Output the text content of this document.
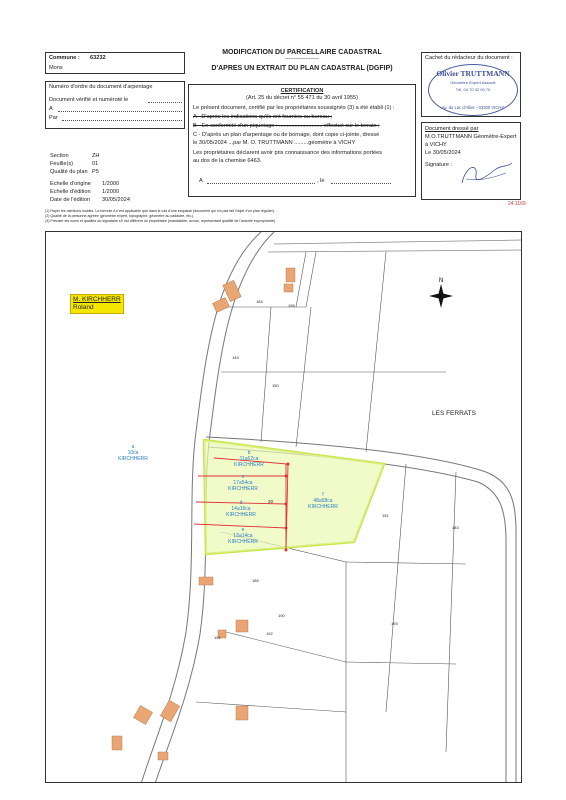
Commune : 63232
Mons
Numéro d'ordre du document d'arpentage
Document vérifié et numéroté le
A
Par
MODIFICATION DU PARCELLAIRE CADASTRAL
--------------------
D'APRES UN EXTRAIT DU PLAN CADASTRAL (DGFIP)
CERTIFICATION
(Art. 25 du décret n° 55 471 du 30 avril 1955)
Le présent document, certifié par les propriétaires soussignés (3) a été établi (1) :
A - D'après les indications qu'ils ont fournies au bureau ;
B - En conformité d'un piquetage : ............................ effectué sur le terrain ;
C - D'après un plan d'arpentage ou de bornage, dont copie ci-jointe, dressé
le 30/05/2024 ...par M. O. TRUTTMANN .........géomètre à VICHY
Les propriétaires déclarent avoir pris connaissance des informations portées
au dos de la chemise 6463.
A	, le
Cachet du rédacteur du document :
Olivier TRUTTMANN
Géomètre-Expert Associé
Tél. 04 70 32 09 70
Av. du Lac d'Allier - 03200 VICHY
Document dressé par
M.O.TRUTTMANN Géomètre-Expert
à VICHY
Le 30/05/2024
Signature :
24.1169
Section	ZH
Feuille(s)	01
Qualité du plan P5
Echelle d'origine 1/2000
Echelle d'édition 1/2000
Date de l'édition 30/05/2024
(1) Rayer les mentions inutiles. La formule A n'est applicable que dans le cas d'une esquisse (document qui n'a pas fait l'objet d'un plan régulier).
(2) Qualité de la personne agréée (géomètre expert, topographe, géomètre au cadastre, etc.).
(3) Préciser les noms et qualités du signataire s'il est différent du propriétaire (mandataire, avoué, représentant qualifié de l'autorité expropriante).
N
M. KIRCHHERR
Roland
LES FERRATS
a
10ca
KIRCHHERR
b
11a62ca
KIRCHHERR
c
17a54ca
KIRCHHERR
d
14a16ca
KIRCHHERR
e
13a14ca
KIRCHHERR
f
48a58ca
KIRCHHERR
155
149
150
184
185
190
191
192
193
151
183
20
